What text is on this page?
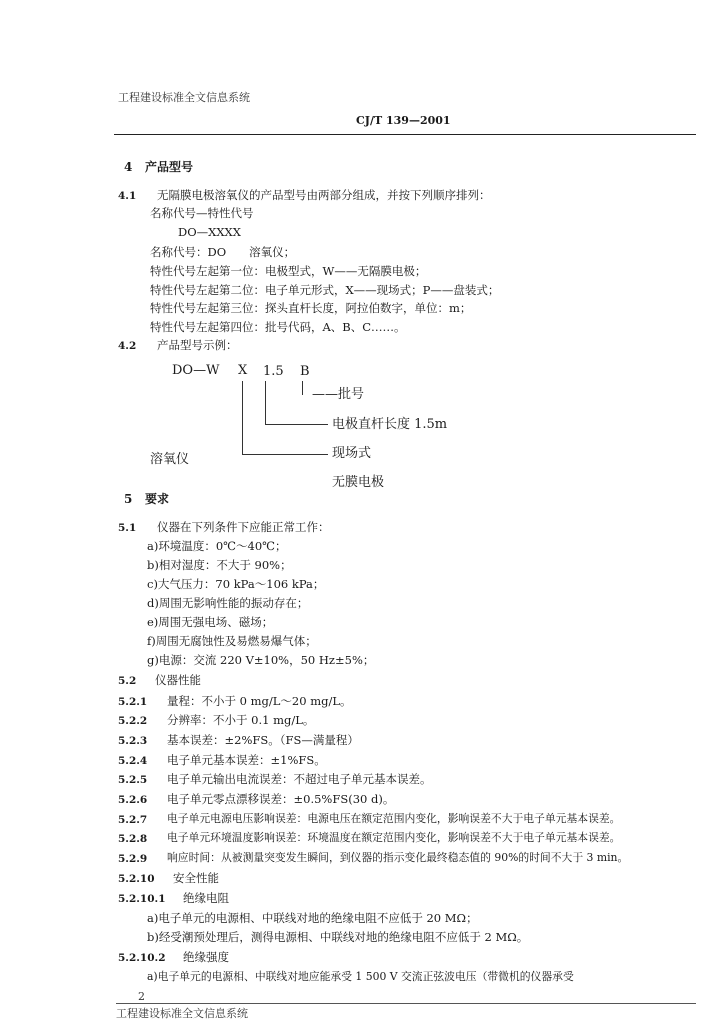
工程建设标准全文信息系统
CJ/T 139—2001
4 产品型号
4.1 无隔膜电极溶氧仪的产品型号由两部分组成，并按下列顺序排列：
名称代号—特性代号
DO—XXXX
名称代号：DO　　溶氧仪；
特性代号左起第一位：电极型式，W——无隔膜电极；
特性代号左起第二位：电子单元形式，X——现场式；P——盘装式；
特性代号左起第三位：探头直杆长度，阿拉伯数字，单位：m；
特性代号左起第四位：批号代码，A、B、C……。
4.2 产品型号示例：
DO—W X 1.5 B
——批号
电极直杆长度 1.5m
现场式
溶氧仪
无膜电极
5 要求
5.1 仪器在下列条件下应能正常工作：
a)环境温度：0℃～40℃；
b)相对湿度：不大于 90%；
c)大气压力：70 kPa～106 kPa；
d)周围无影响性能的振动存在；
e)周围无强电场、磁场；
f)周围无腐蚀性及易燃易爆气体；
g)电源：交流 220 V±10%，50 Hz±5%；
5.2 仪器性能
5.2.1 量程：不小于 0 mg/L～20 mg/L。
5.2.2 分辨率：不小于 0.1 mg/L。
5.2.3 基本误差：±2%FS。（FS—满量程）
5.2.4 电子单元基本误差：±1%FS。
5.2.5 电子单元输出电流误差：不超过电子单元基本误差。
5.2.6 电子单元零点漂移误差：±0.5%FS(30 d)。
5.2.7 电子单元电源电压影响误差：电源电压在额定范围内变化，影响误差不大于电子单元基本误差。
5.2.8 电子单元环境温度影响误差：环境温度在额定范围内变化，影响误差不大于电子单元基本误差。
5.2.9 响应时间：从被测量突变发生瞬间，到仪器的指示变化最终稳态值的 90%的时间不大于 3 min。
5.2.10 安全性能
5.2.10.1 绝缘电阻
a)电子单元的电源相、中联线对地的绝缘电阻不应低于 20 MΩ；
b)经受潮预处理后，测得电源相、中联线对地的绝缘电阻不应低于 2 MΩ。
5.2.10.2 绝缘强度
a)电子单元的电源相、中联线对地应能承受 1 500 V 交流正弦波电压（带微机的仪器承受
2
工程建设标准全文信息系统
